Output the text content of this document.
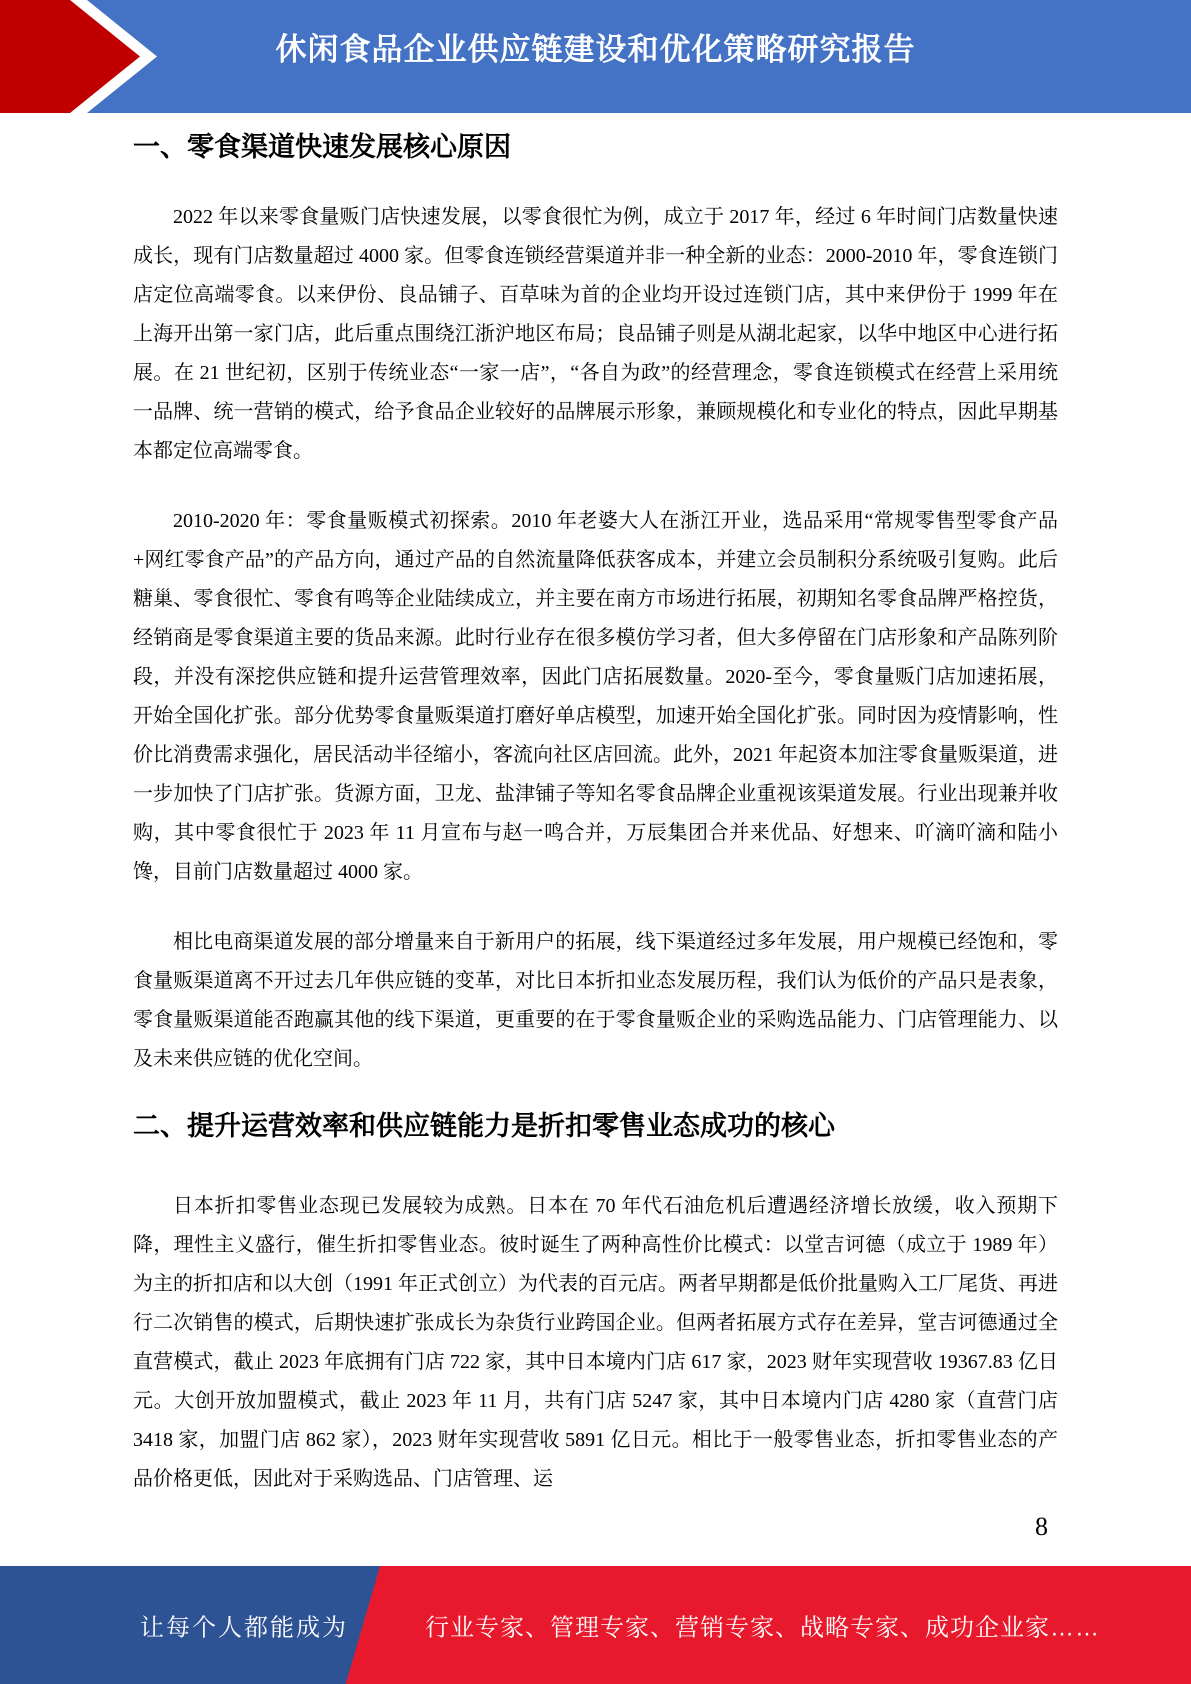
休闲食品企业供应链建设和优化策略研究报告
一、零食渠道快速发展核心原因

2022 年以来零食量贩门店快速发展，以零食很忙为例，成立于 2017 年，经过 6 年时间门店数量快速成长，现有门店数量超过 4000 家。但零食连锁经营渠道并非一种全新的业态：2000-2010 年，零食连锁门店定位高端零食。以来伊份、良品铺子、百草味为首的企业均开设过连锁门店，其中来伊份于 1999 年在上海开出第一家门店，此后重点围绕江浙沪地区布局；良品铺子则是从湖北起家，以华中地区中心进行拓展。在 21 世纪初，区别于传统业态“一家一店”，“各自为政”的经营理念，零食连锁模式在经营上采用统一品牌、统一营销的模式，给予食品企业较好的品牌展示形象，兼顾规模化和专业化的特点，因此早期基本都定位高端零食。

2010-2020 年：零食量贩模式初探索。2010 年老婆大人在浙江开业，选品采用“常规零售型零食产品+网红零食产品”的产品方向，通过产品的自然流量降低获客成本，并建立会员制积分系统吸引复购。此后糖巢、零食很忙、零食有鸣等企业陆续成立，并主要在南方市场进行拓展，初期知名零食品牌严格控货，经销商是零食渠道主要的货品来源。此时行业存在很多模仿学习者，但大多停留在门店形象和产品陈列阶段，并没有深挖供应链和提升运营管理效率，因此门店拓展数量。2020-至今，零食量贩门店加速拓展，开始全国化扩张。部分优势零食量贩渠道打磨好单店模型，加速开始全国化扩张。同时因为疫情影响，性价比消费需求强化，居民活动半径缩小，客流向社区店回流。此外，2021 年起资本加注零食量贩渠道，进一步加快了门店扩张。货源方面，卫龙、盐津铺子等知名零食品牌企业重视该渠道发展。行业出现兼并收购，其中零食很忙于 2023 年 11 月宣布与赵一鸣合并，万辰集团合并来优品、好想来、吖滴吖滴和陆小馋，目前门店数量超过 4000 家。

相比电商渠道发展的部分增量来自于新用户的拓展，线下渠道经过多年发展，用户规模已经饱和，零食量贩渠道离不开过去几年供应链的变革，对比日本折扣业态发展历程，我们认为低价的产品只是表象，零食量贩渠道能否跑赢其他的线下渠道，更重要的在于零食量贩企业的采购选品能力、门店管理能力、以及未来供应链的优化空间。

二、提升运营效率和供应链能力是折扣零售业态成功的核心

日本折扣零售业态现已发展较为成熟。日本在 70 年代石油危机后遭遇经济增长放缓，收入预期下降，理性主义盛行，催生折扣零售业态。彼时诞生了两种高性价比模式：以堂吉诃德（成立于 1989 年）为主的折扣店和以大创（1991 年正式创立）为代表的百元店。两者早期都是低价批量购入工厂尾货、再进行二次销售的模式，后期快速扩张成长为杂货行业跨国企业。但两者拓展方式存在差异，堂吉诃德通过全直营模式，截止 2023 年底拥有门店 722 家，其中日本境内门店 617 家，2023 财年实现营收 19367.83 亿日元。大创开放加盟模式，截止 2023 年 11 月，共有门店 5247 家，其中日本境内门店 4280 家（直营门店 3418 家，加盟门店 862 家），2023 财年实现营收 5891 亿日元。相比于一般零售业态，折扣零售业态的产品价格更低，因此对于采购选品、门店管理、运

8
让每个人都能成为	行业专家、管理专家、营销专家、战略专家、成功企业家……
